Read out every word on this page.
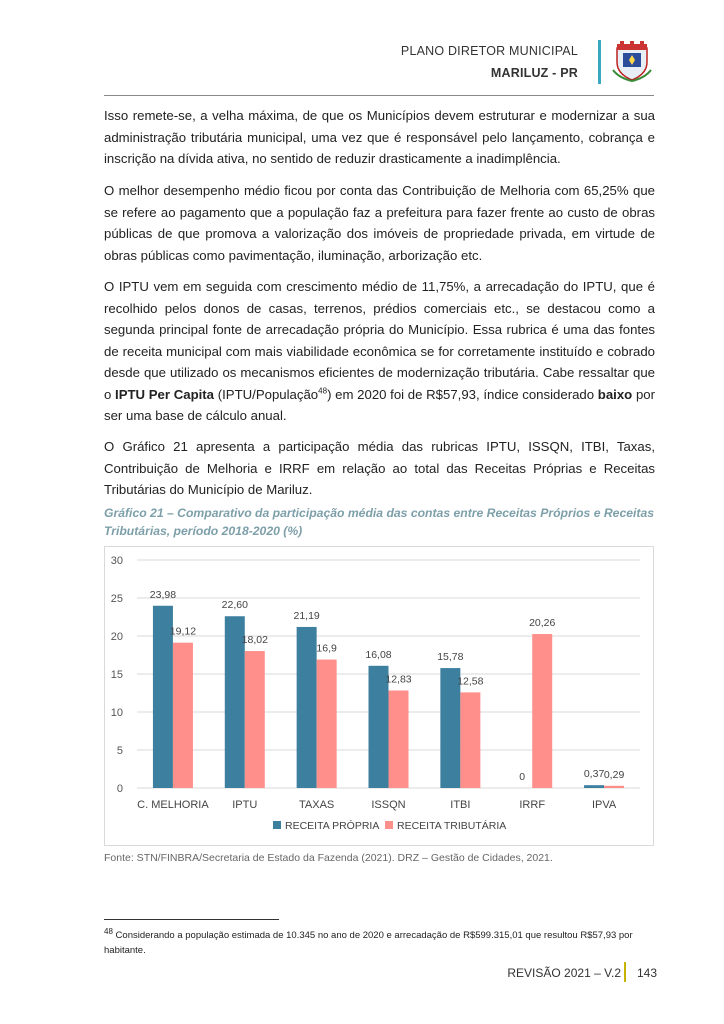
PLANO DIRETOR MUNICIPAL
MARILUZ - PR
Isso remete-se, a velha máxima, de que os Municípios devem estruturar e modernizar a sua administração tributária municipal, uma vez que é responsável pelo lançamento, cobrança e inscrição na dívida ativa, no sentido de reduzir drasticamente a inadimplência.
O melhor desempenho médio ficou por conta das Contribuição de Melhoria com 65,25% que se refere ao pagamento que a população faz a prefeitura para fazer frente ao custo de obras públicas de que promova a valorização dos imóveis de propriedade privada, em virtude de obras públicas como pavimentação, iluminação, arborização etc.
O IPTU vem em seguida com crescimento médio de 11,75%, a arrecadação do IPTU, que é recolhido pelos donos de casas, terrenos, prédios comerciais etc., se destacou como a segunda principal fonte de arrecadação própria do Município. Essa rubrica é uma das fontes de receita municipal com mais viabilidade econômica se for corretamente instituído e cobrado desde que utilizado os mecanismos eficientes de modernização tributária. Cabe ressaltar que o IPTU Per Capita (IPTU/População$^{48}$) em 2020 foi de R$57,93, índice considerado baixo por ser uma base de cálculo anual.
O Gráfico 21 apresenta a participação média das rubricas IPTU, ISSQN, ITBI, Taxas, Contribuição de Melhoria e IRRF em relação ao total das Receitas Próprias e Receitas Tributárias do Município de Mariluz.
Gráfico 21 – Comparativo da participação média das contas entre Receitas Próprios e Receitas Tributárias, período 2018-2020 (%)
0
5
10
15
20
25
30
23,98
19,12
C. MELHORIA
22,60
18,02
IPTU
21,19
16,9
TAXAS
16,08
12,83
ISSQN
15,78
12,58
ITBI
0
20,26
IRRF
0,37 0,29
IPVA
RECEITA PRÓPRIA RECEITA TRIBUTÁRIA
Fonte: STN/FINBRA/Secretaria de Estado da Fazenda (2021). DRZ – Gestão de Cidades, 2021.
$^{48}$ Considerando a população estimada de 10.345 no ano de 2020 e arrecadação de R$599.315,01 que resultou R$57,93 por habitante.
REVISÃO 2021 – V.2 143
